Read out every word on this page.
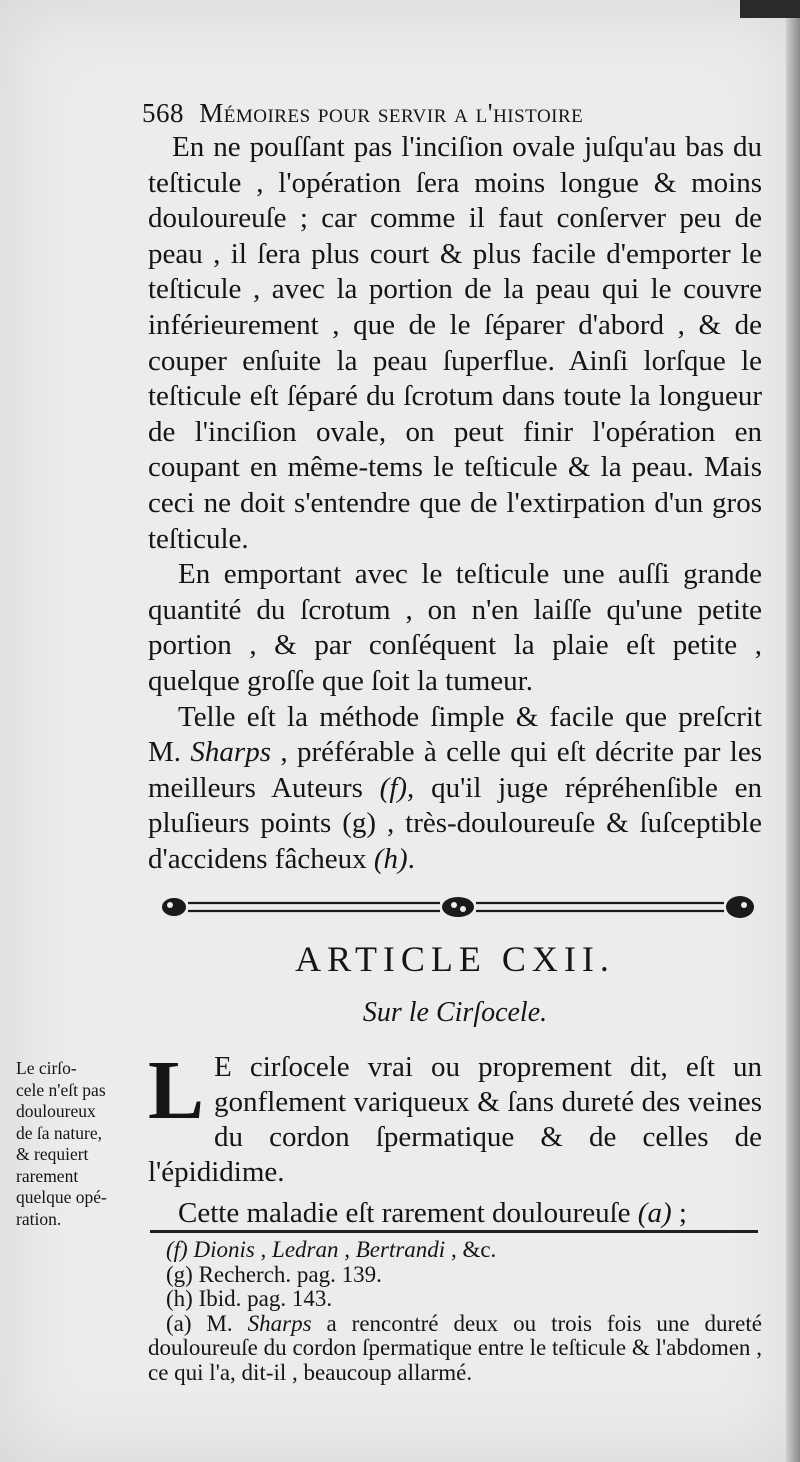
568 Mémoires pour servir a l'histoire

En ne pouſſant pas l'inciſion ovale juſqu'au bas du teſticule , l'opération ſera moins longue & moins douloureuſe ; car comme il faut conſerver peu de peau , il ſera plus court & plus facile d'emporter le teſticule , avec la portion de la peau qui le couvre inférieurement , que de le ſéparer d'abord , & de couper enſuite la peau ſuperflue. Ainſi lorſque le teſticule eſt ſéparé du ſcrotum dans toute la longueur de l'inciſion ovale, on peut finir l'opération en coupant en même-tems le teſticule & la peau. Mais ceci ne doit s'entendre que de l'extirpation d'un gros teſticule.

En emportant avec le teſticule une auſſi grande quantité du ſcrotum , on n'en laiſſe qu'une petite portion , & par conſéquent la plaie eſt petite , quelque groſſe que ſoit la tumeur.

Telle eſt la méthode ſimple & facile que preſcrit M. Sharps , préférable à celle qui eſt décrite par les meilleurs Auteurs (f), qu'il juge répréhenſible en pluſieurs points (g) , très-douloureuſe & ſuſceptible d'accidens fâcheux (h).

ARTICLE CXII.
Sur le Cirſocele.
Le cirſo-
cele n'eſt pas
douloureux
de ſa nature,
& requiert
rarement
quelque opé-
ration.
L E cirſocele vrai ou proprement dit, eſt un gonflement variqueux & ſans dureté des veines du cordon ſpermatique & de celles de l'épididime.

Cette maladie eſt rarement douloureuſe (a) ;

(f) Dionis , Ledran , Bertrandi , &c.

(g) Recherch. pag. 139.

(h) Ibid. pag. 143.

(a) M. Sharps a rencontré deux ou trois fois une dureté douloureuſe du cordon ſpermatique entre le teſticule & l'abdomen , ce qui l'a, dit-il , beaucoup allarmé.
